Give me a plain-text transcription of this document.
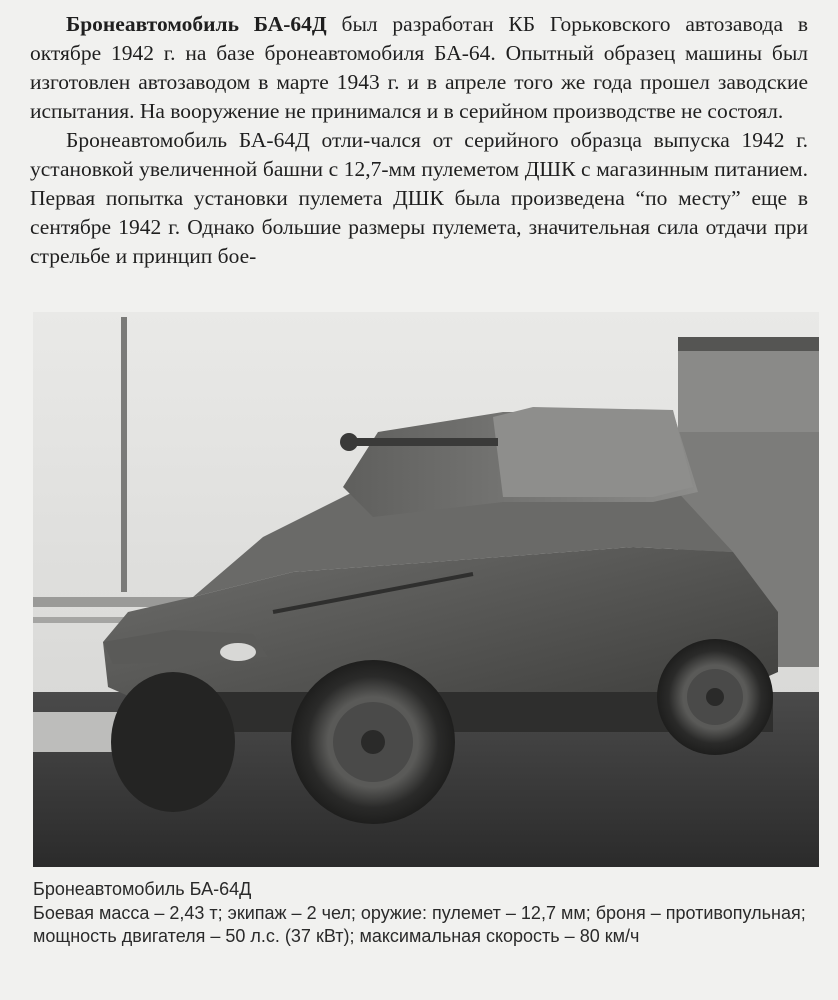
Бронеавтомобиль БА-64Д был разработан КБ Горьковского автозавода в октябре 1942 г. на базе бронеавтомобиля БА-64. Опытный образец машины был изготовлен автозаводом в марте 1943 г. и в апреле того же года прошел заводские испытания. На вооружение не принимался и в серийном производстве не состоял.

Бронеавтомобиль БА-64Д отли-чался от серийного образца выпуска 1942 г. установкой увеличенной башни с 12,7-мм пулеметом ДШК с магазинным питанием. Первая попытка установки пулемета ДШК была произведена “по месту” еще в сентябре 1942 г. Однако большие размеры пулемета, значительная сила отдачи при стрельбе и принцип бое-

Бронеавтомобиль БА-64Д
Боевая масса – 2,43 т; экипаж – 2 чел; оружие: пулемет – 12,7 мм; броня – противопульная; мощность двигателя – 50 л.с. (37 кВт); максимальная скорость – 80 км/ч
